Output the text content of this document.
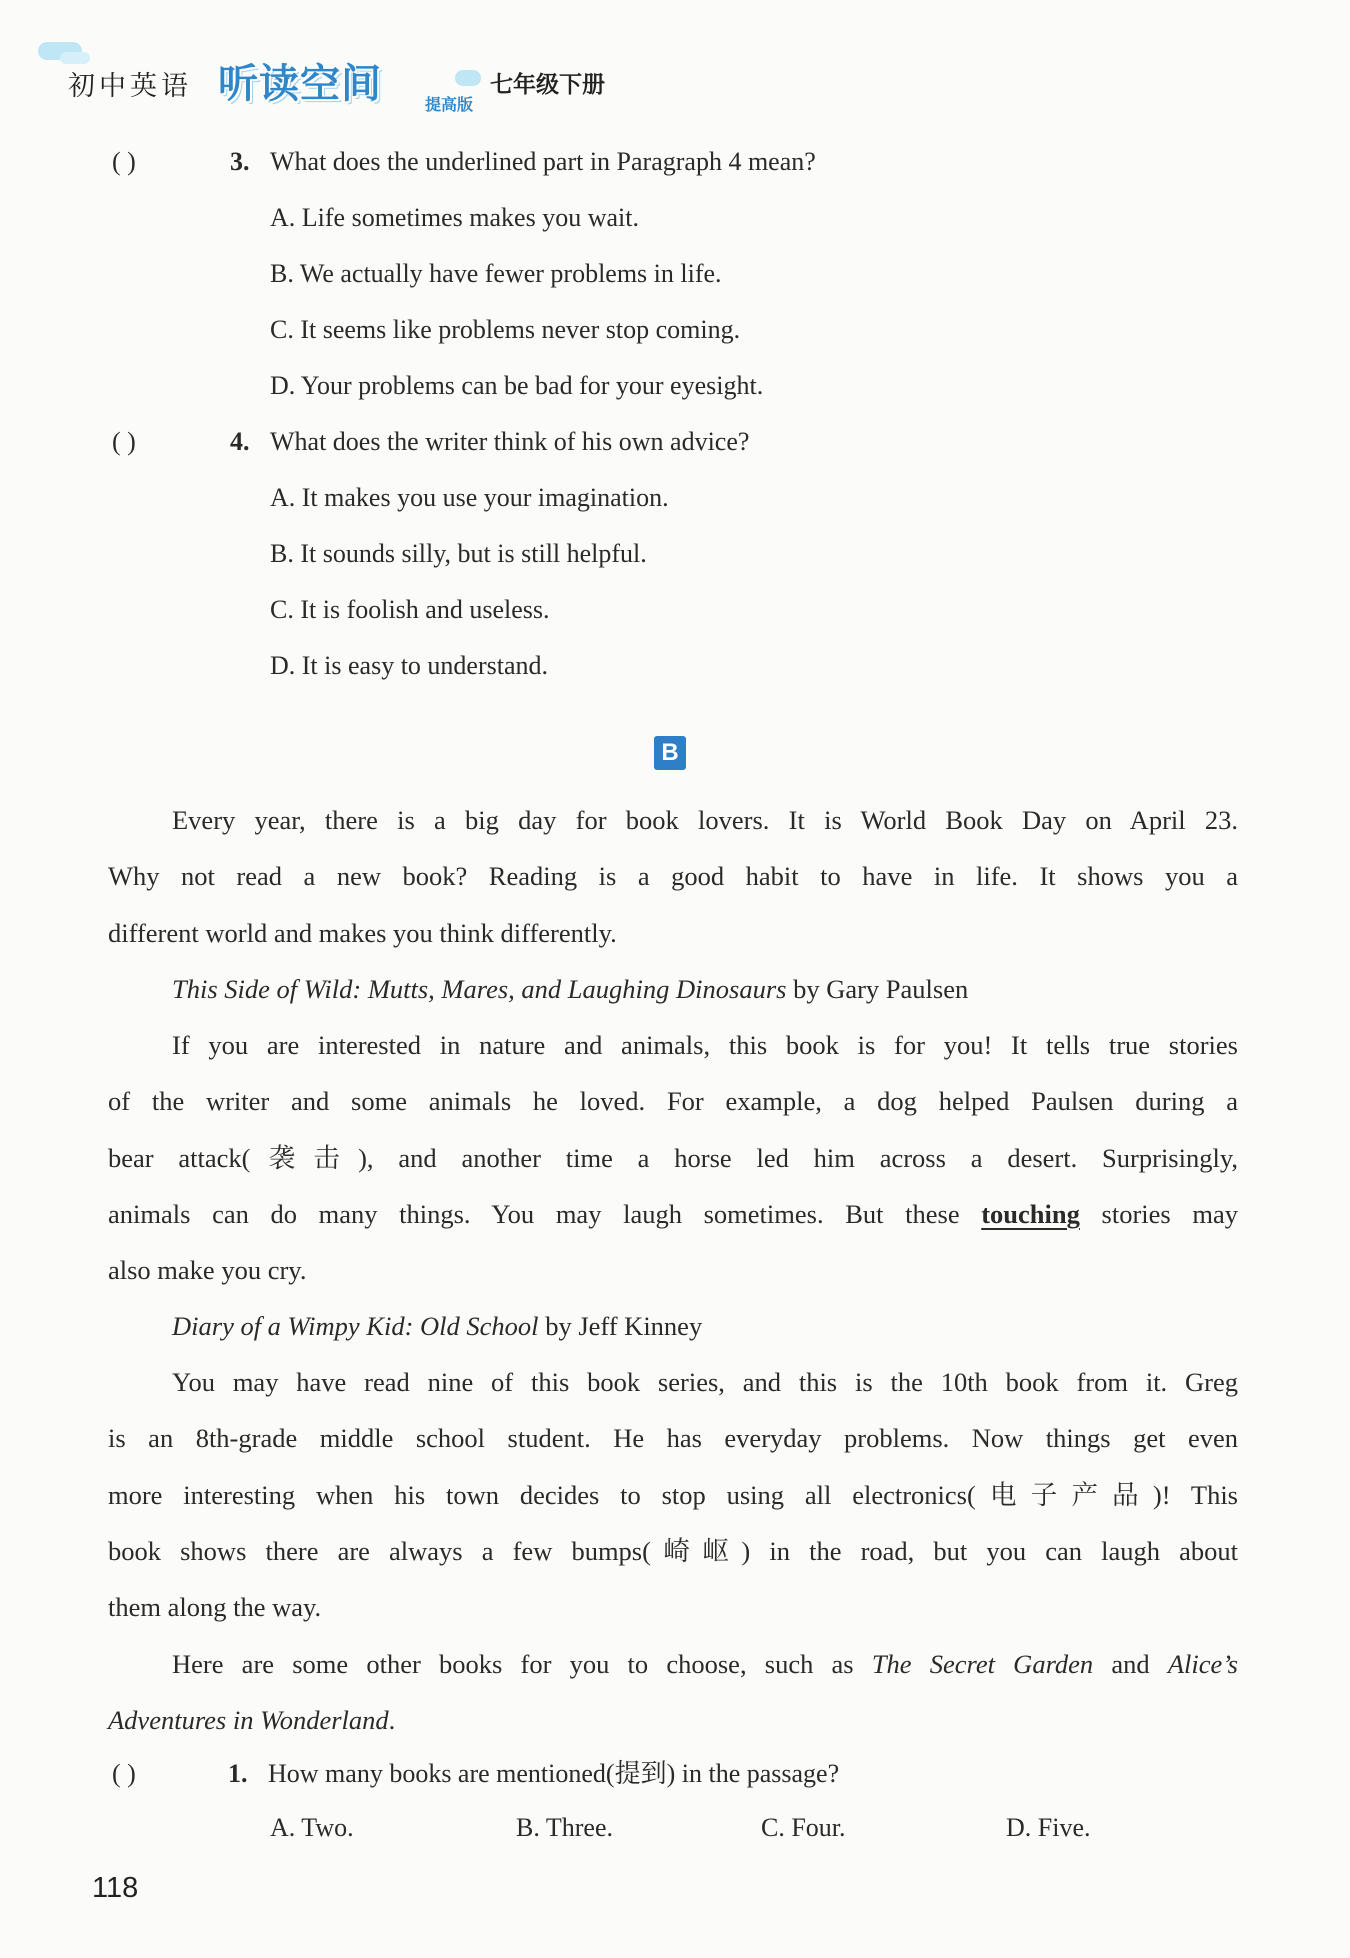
初中英语 听读空间	提高版
七年级下册
( )	3. What does the underlined part in Paragraph 4 mean?
A. Life sometimes makes you wait.
B. We actually have fewer problems in life.
C. It seems like problems never stop coming.
D. Your problems can be bad for your eyesight.
( )	4. What does the writer think of his own advice?
A. It makes you use your imagination.
B. It sounds silly, but is still helpful.
C. It is foolish and useless.
D. It is easy to understand.
B
Every year, there is a big day for book lovers. It is World Book Day on April 23.
Why not read a new book? Reading is a good habit to have in life. It shows you a
different world and makes you think differently.
This Side of Wild: Mutts, Mares, and Laughing Dinosaurs by Gary Paulsen
If you are interested in nature and animals, this book is for you! It tells true stories
of the writer and some animals he loved. For example, a dog helped Paulsen during a
bear attack(袭击), and another time a horse led him across a desert. Surprisingly,
animals can do many things. You may laugh sometimes. But these touching stories may
also make you cry.
Diary of a Wimpy Kid: Old School by Jeff Kinney
You may have read nine of this book series, and this is the 10th book from it. Greg
is an 8th-grade middle school student. He has everyday problems. Now things get even
more interesting when his town decides to stop using all electronics(电子产品)! This
book shows there are always a few bumps(崎岖) in the road, but you can laugh about
them along the way.
Here are some other books for you to choose, such as The Secret Garden and Alice’s
Adventures in Wonderland.
( )	1. How many books are mentioned(提到) in the passage?
A. Two.	B. Three.	C. Four.	D. Five.
118
